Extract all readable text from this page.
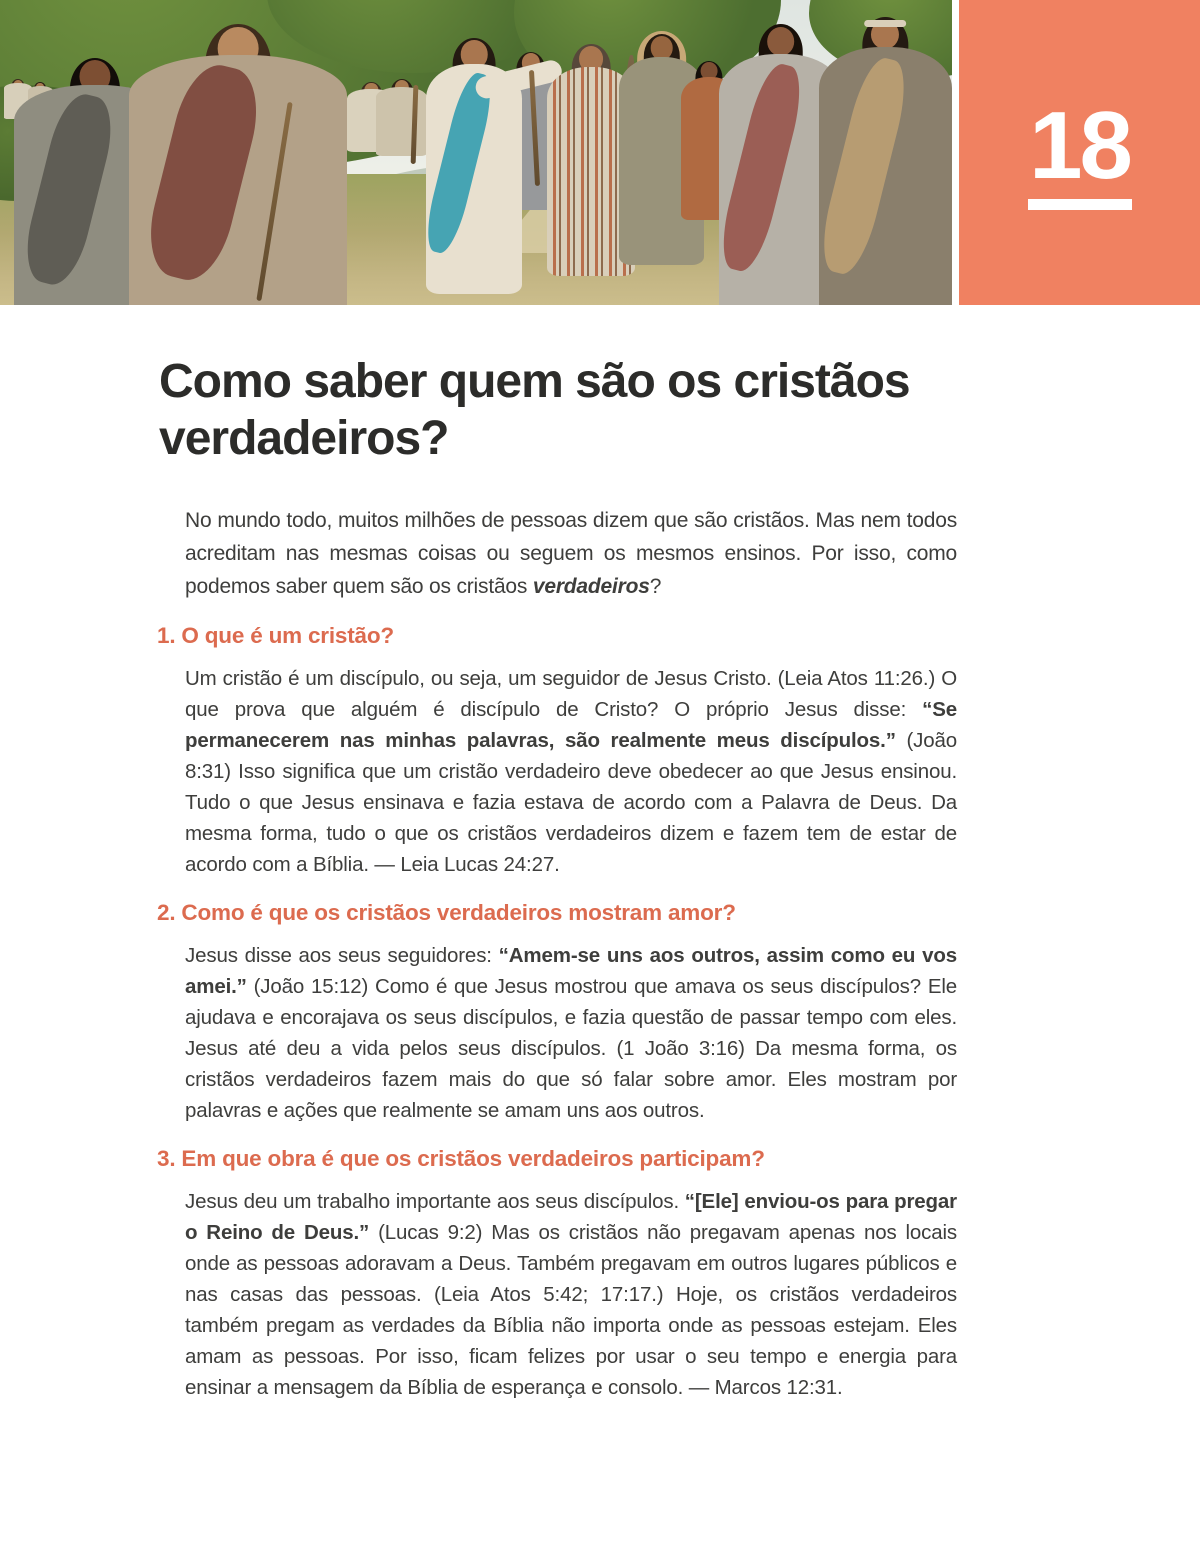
18
Como saber quem são os cristãos verdadeiros?

No mundo todo, muitos milhões de pessoas dizem que são cristãos. Mas nem todos acreditam nas mesmas coisas ou seguem os mesmos ensinos. Por isso, como podemos saber quem são os cristãos verdadeiros?

1. O que é um cristão?

Um cristão é um discípulo, ou seja, um seguidor de Jesus Cristo. (Leia Atos 11:26.) O que prova que alguém é discípulo de Cristo? O próprio Jesus disse: “Se permanecerem nas minhas palavras, são realmente meus discípulos.” (João 8:31) Isso significa que um cristão verdadeiro deve obedecer ao que Jesus ensinou. Tudo o que Jesus ensinava e fazia estava de acordo com a Palavra de Deus. Da mesma forma, tudo o que os cristãos verdadeiros dizem e fazem tem de estar de acordo com a Bíblia. — Leia Lucas 24:27.

2. Como é que os cristãos verdadeiros mostram amor?

Jesus disse aos seus seguidores: “Amem-se uns aos outros, assim como eu vos amei.” (João 15:12) Como é que Jesus mostrou que amava os seus discípulos? Ele ajudava e encorajava os seus discípulos, e fazia questão de passar tempo com eles. Jesus até deu a vida pelos seus discípulos. (1 João 3:16) Da mesma forma, os cristãos verdadeiros fazem mais do que só falar sobre amor. Eles mostram por palavras e ações que realmente se amam uns aos outros.

3. Em que obra é que os cristãos verdadeiros participam?

Jesus deu um trabalho importante aos seus discípulos. “[Ele] enviou-os para pregar o Reino de Deus.” (Lucas 9:2) Mas os cristãos não pregavam apenas nos locais onde as pessoas adoravam a Deus. Também pregavam em outros lugares públicos e nas casas das pessoas. (Leia Atos 5:42; 17:17.) Hoje, os cristãos verdadeiros também pregam as verdades da Bíblia não importa onde as pessoas estejam. Eles amam as pessoas. Por isso, ficam felizes por usar o seu tempo e energia para ensinar a mensagem da Bíblia de esperança e consolo. — Marcos 12:31.
